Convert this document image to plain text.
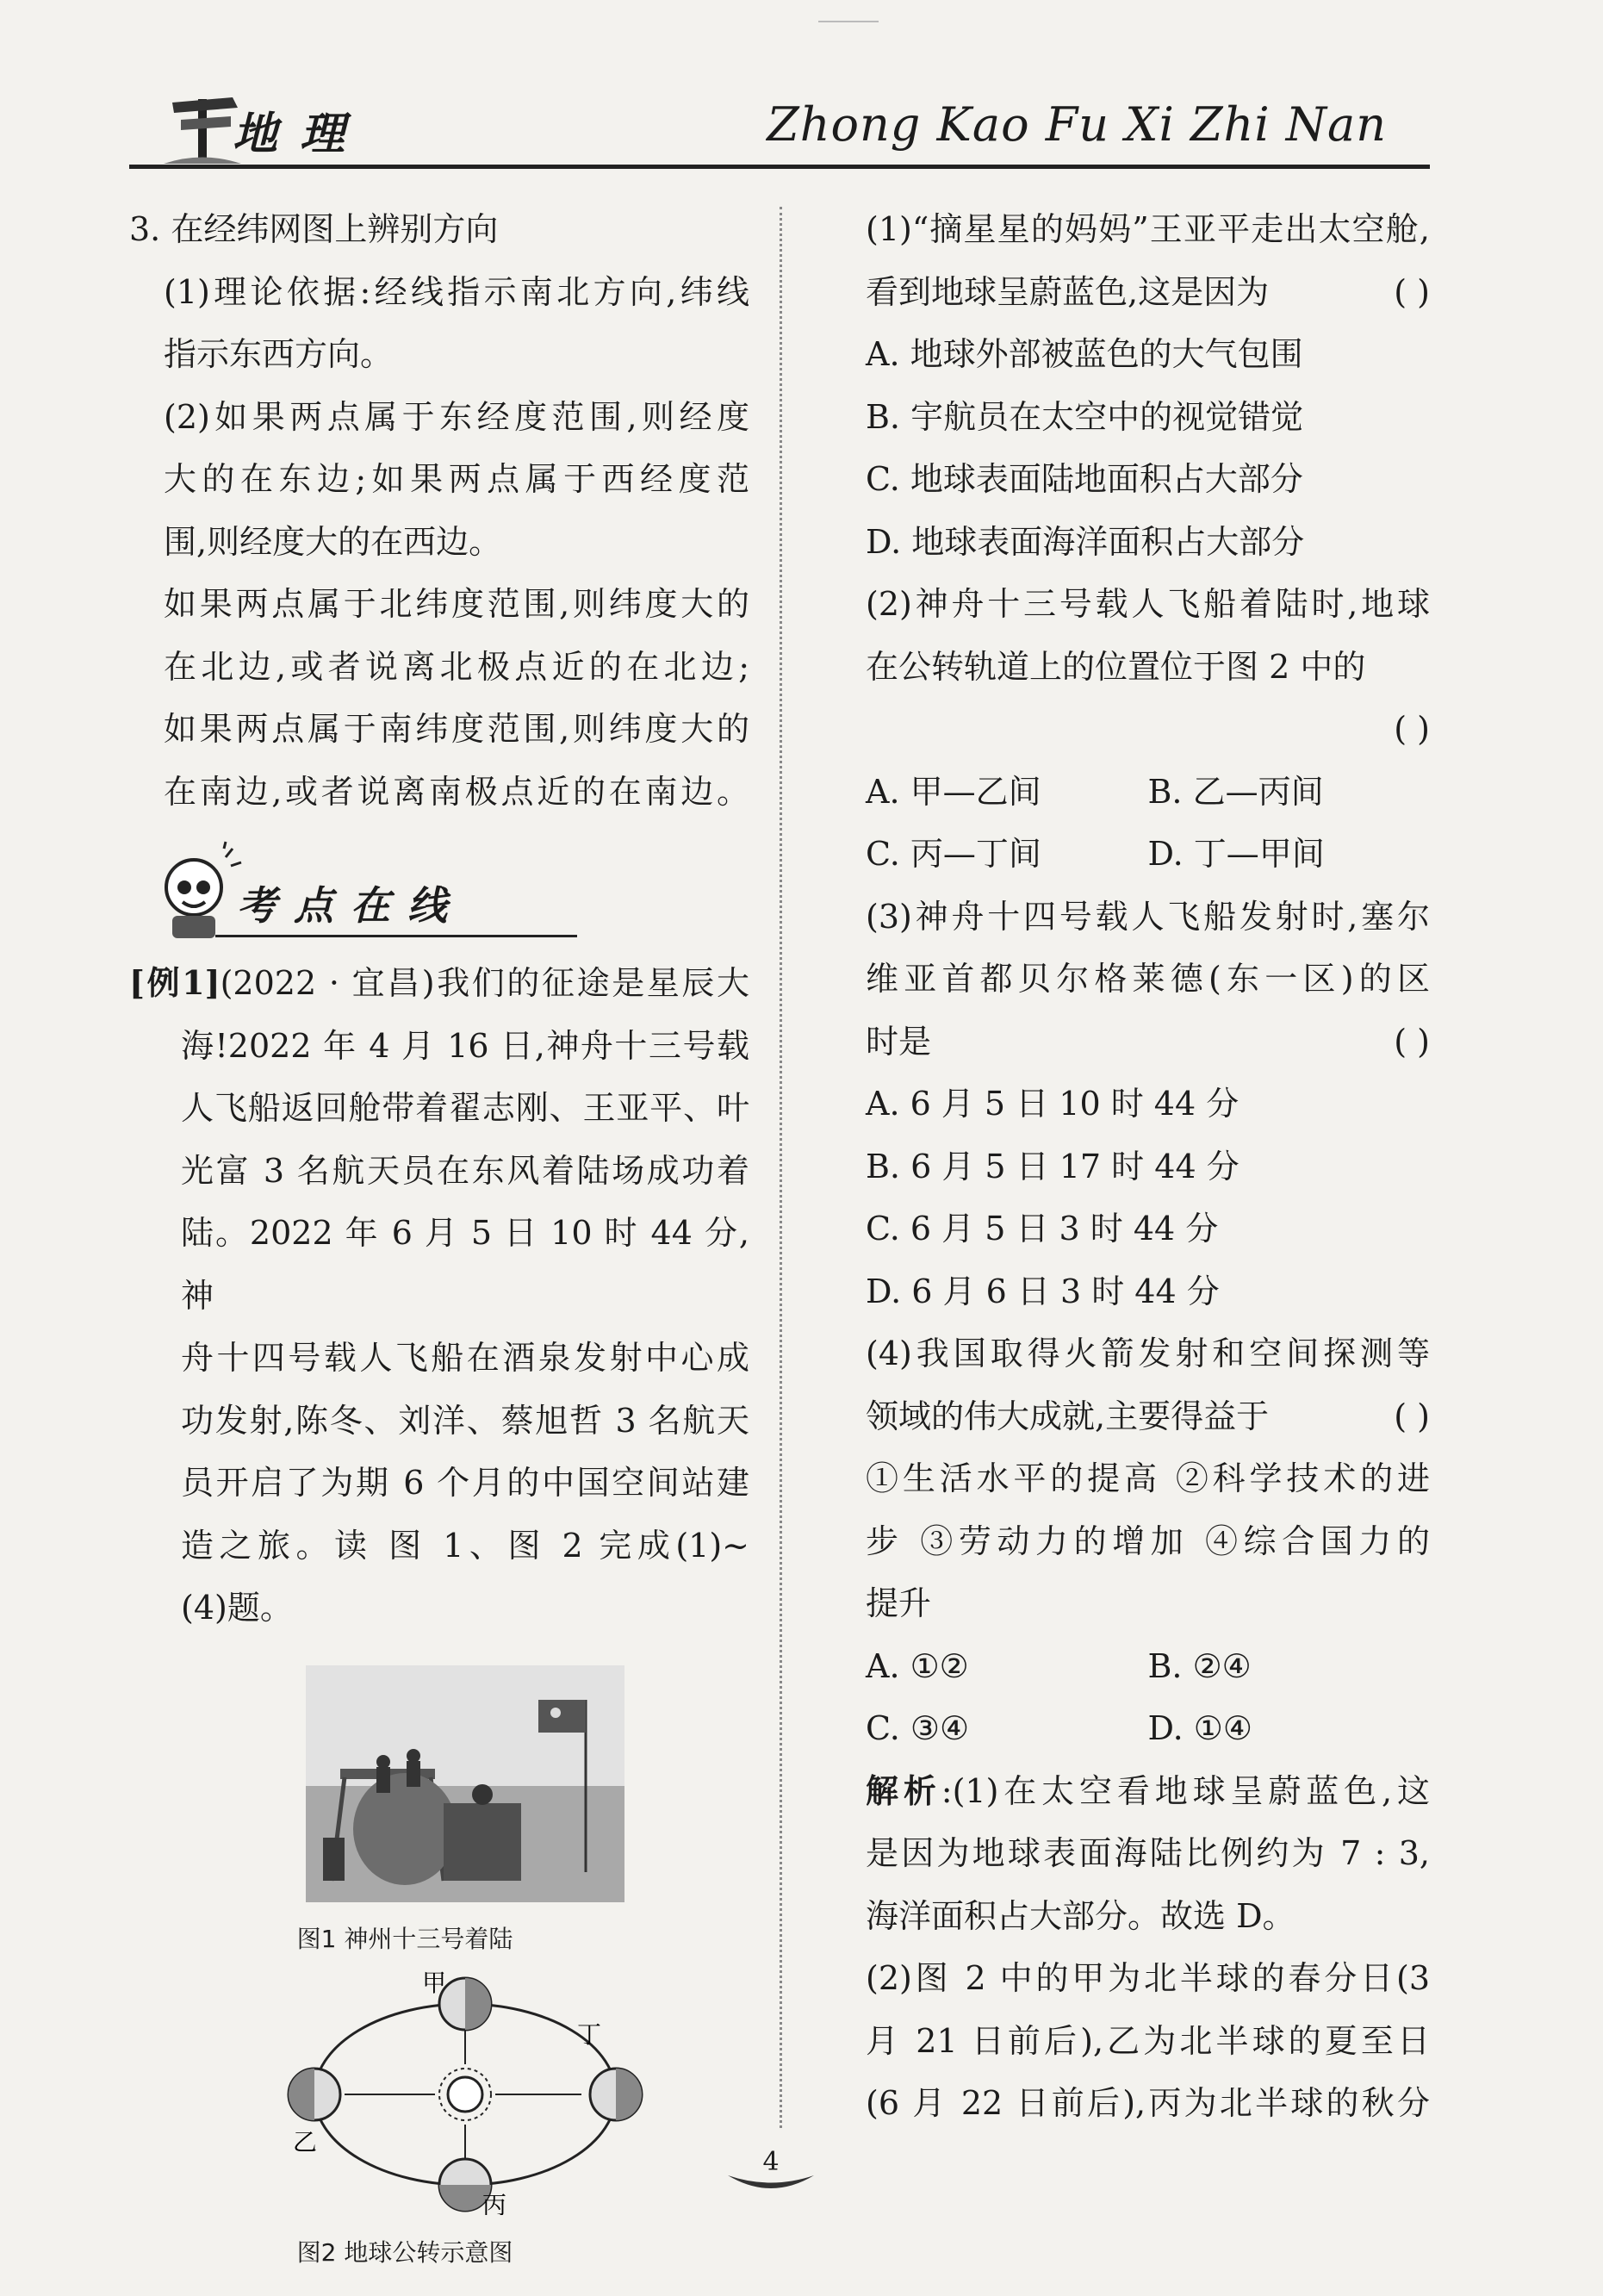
地理	Zhong Kao Fu Xi Zhi Nan

3. 在经纬网图上辨别方向

(1)理论依据:经线指示南北方向,纬线

指示东西方向。

(2)如果两点属于东经度范围,则经度

大的在东边;如果两点属于西经度范

围,则经度大的在西边。

如果两点属于北纬度范围,则纬度大的

在北边,或者说离北极点近的在北边;

如果两点属于南纬度范围,则纬度大的

在南边,或者说离南极点近的在南边。

考点在线

[例1](2022 · 宜昌)我们的征途是星辰大

海!2022 年 4 月 16 日,神舟十三号载

人飞船返回舱带着翟志刚、王亚平、叶

光富 3 名航天员在东风着陆场成功着

陆。2022 年 6 月 5 日 10 时 44 分,神

舟十四号载人飞船在酒泉发射中心成

功发射,陈冬、刘洋、蔡旭哲 3 名航天

员开启了为期 6 个月的中国空间站建

造之旅。读 图 1、图 2 完成(1)~

(4)题。

图1 神州十三号着陆
甲
乙
丙
丁
图2 地球公转示意图

(1)“摘星星的妈妈”王亚平走出太空舱,

看到地球呈蔚蓝色,这是因为	( )

A. 地球外部被蓝色的大气包围

B. 宇航员在太空中的视觉错觉

C. 地球表面陆地面积占大部分

D. 地球表面海洋面积占大部分

(2)神舟十三号载人飞船着陆时,地球

在公转轨道上的位置位于图 2 中的

( )

A. 甲—乙间	B. 乙—丙间

C. 丙—丁间	D. 丁—甲间

(3)神舟十四号载人飞船发射时,塞尔

维亚首都贝尔格莱德(东一区)的区

时是	( )

A. 6 月 5 日 10 时 44 分

B. 6 月 5 日 17 时 44 分

C. 6 月 5 日 3 时 44 分

D. 6 月 6 日 3 时 44 分

(4)我国取得火箭发射和空间探测等

领域的伟大成就,主要得益于	( )

①生活水平的提高 ②科学技术的进

步 ③劳动力的增加 ④综合国力的

提升

A. ①②	B. ②④

C. ③④	D. ①④

解析:(1)在太空看地球呈蔚蓝色,这

是因为地球表面海陆比例约为 7 : 3,

海洋面积占大部分。故选 D。

(2)图 2 中的甲为北半球的春分日(3

月 21 日前后),乙为北半球的夏至日

(6 月 22 日前后),丙为北半球的秋分

4
